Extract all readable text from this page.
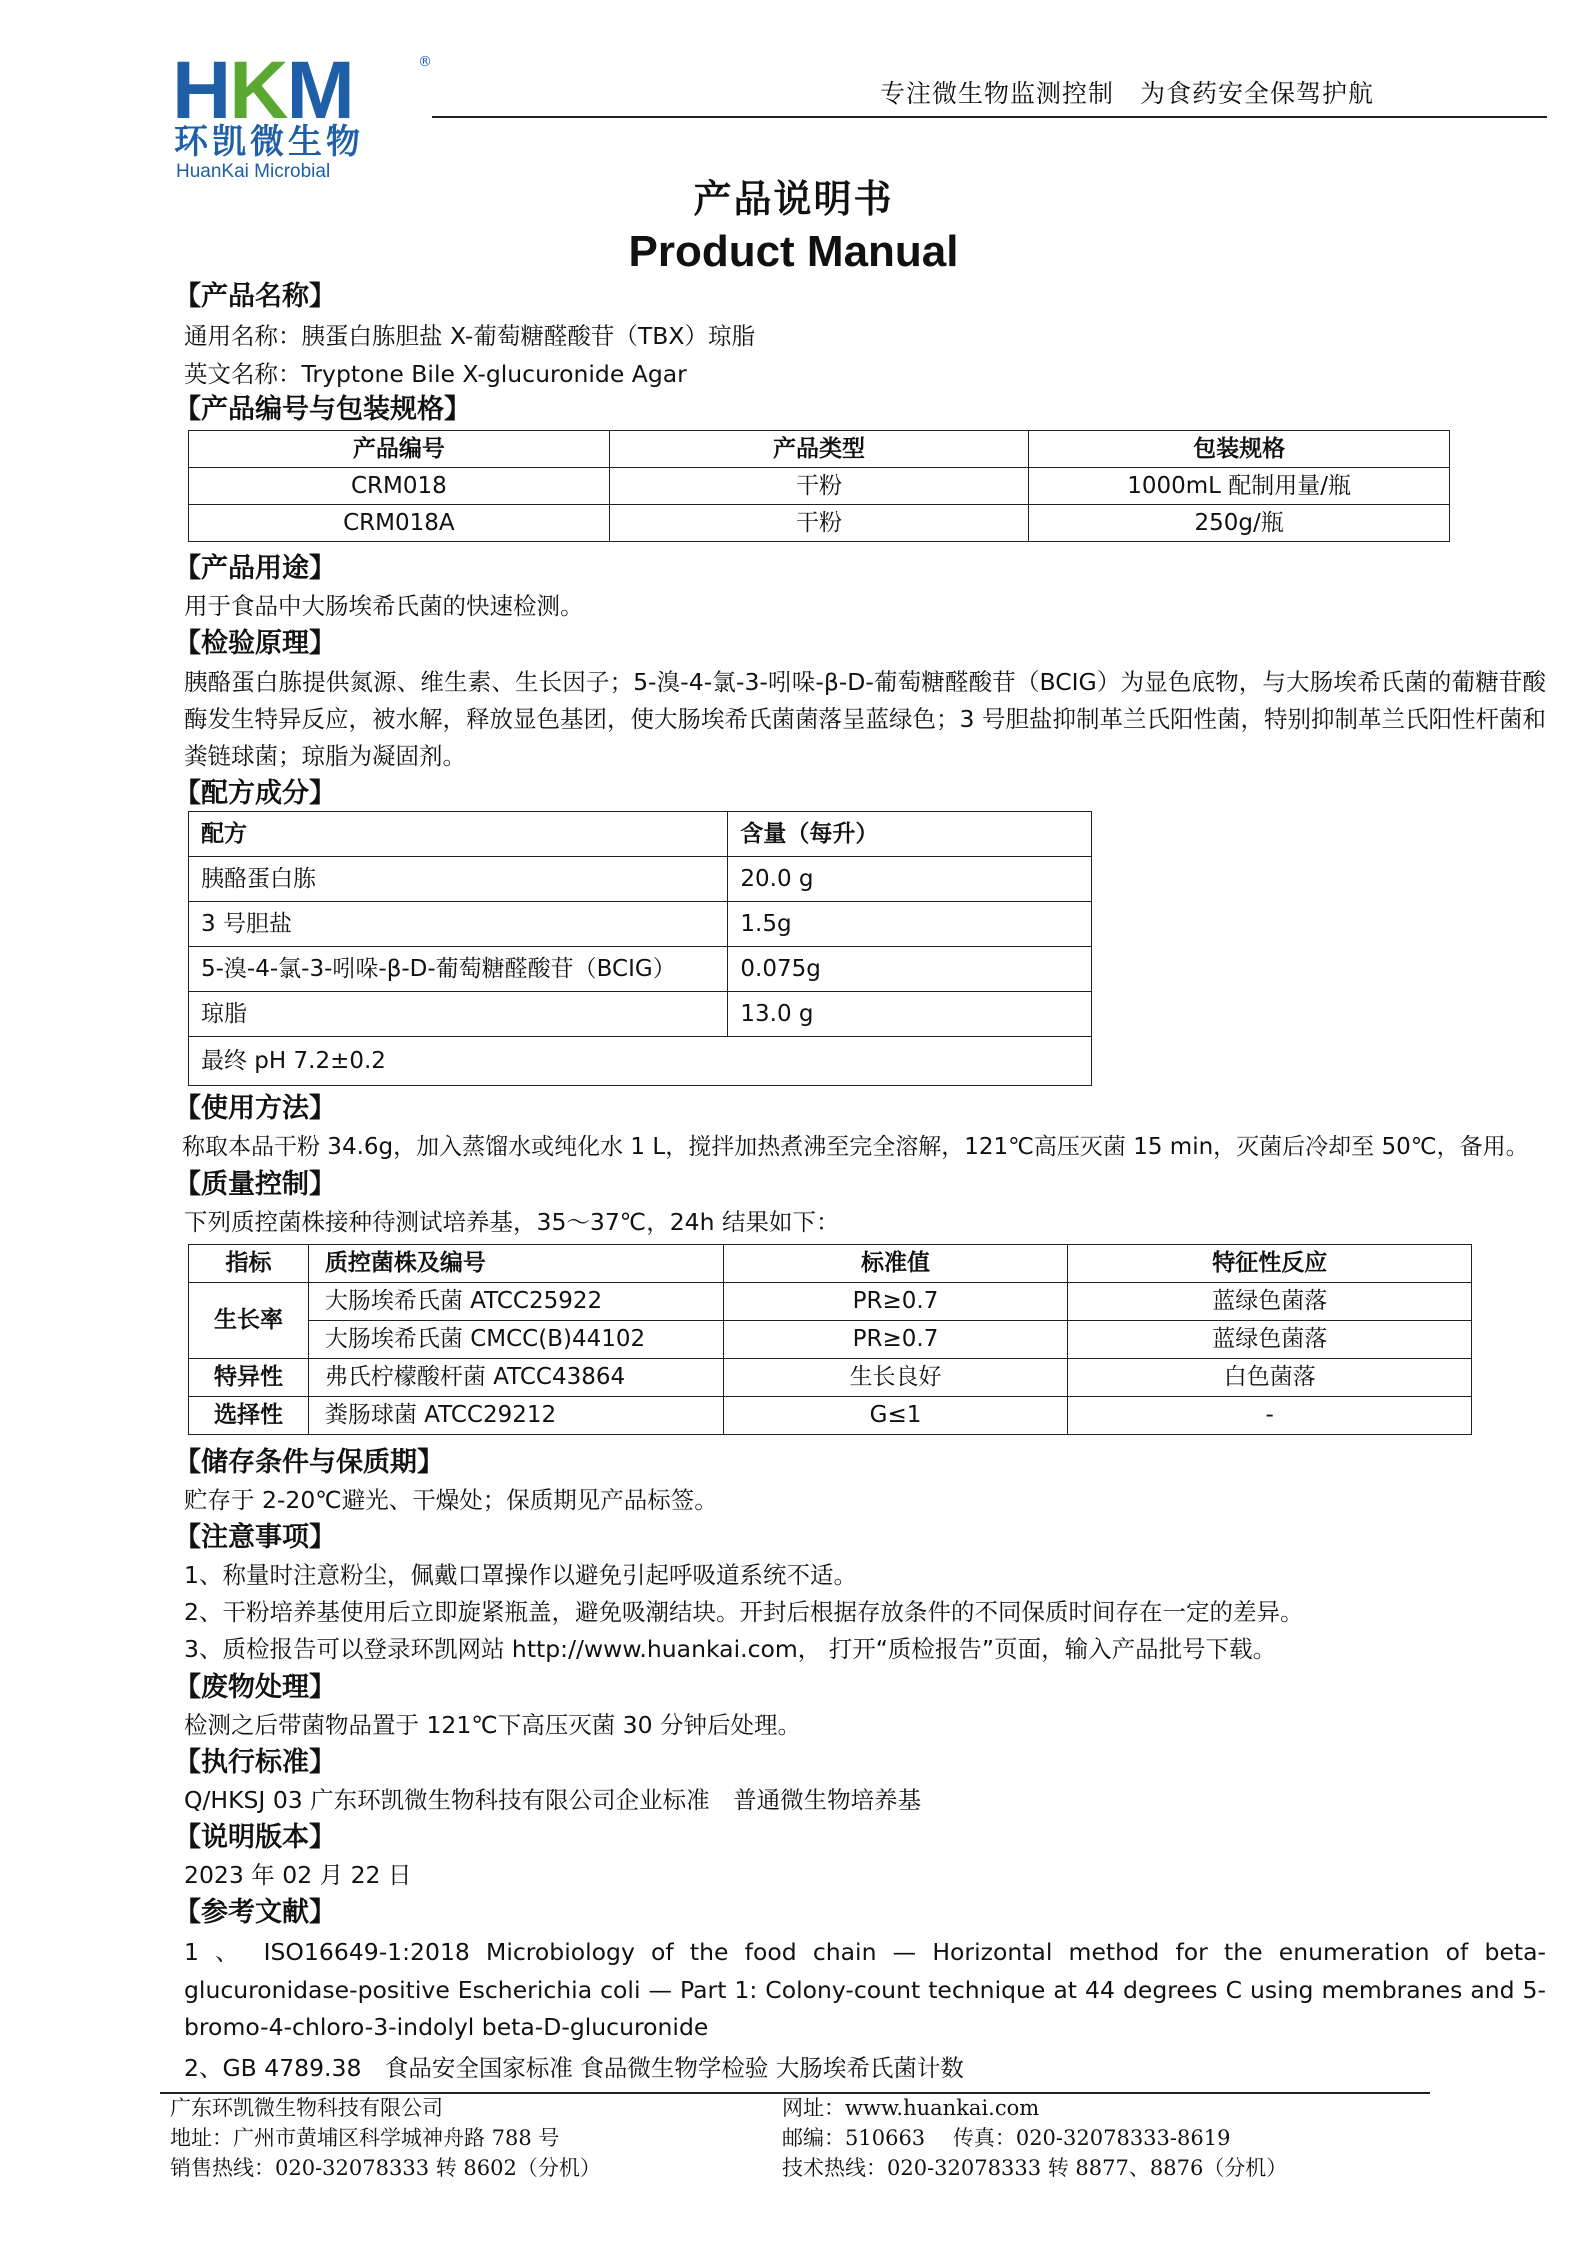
HKM	®
环凯微生物
HuanKai Microbial
专注微生物监测控制　为食药安全保驾护航
产品说明书
Product Manual
【产品名称】
通用名称：胰蛋白胨胆盐 X-葡萄糖醛酸苷（TBX）琼脂
英文名称：Tryptone Bile X-glucuronide Agar
【产品编号与包装规格】
产品编号	产品类型	包装规格
CRM018	干粉	1000mL 配制用量/瓶
CRM018A	干粉	250g/瓶
【产品用途】
用于食品中大肠埃希氏菌的快速检测。
【检验原理】
胰酪蛋白胨提供氮源、维生素、生长因子；5-溴-4-氯-3-吲哚-β-D-葡萄糖醛酸苷（BCIG）为显色底物，与大肠埃希氏菌的葡糖苷酸酶发生特异反应，被水解，释放显色基团，使大肠埃希氏菌菌落呈蓝绿色；3 号胆盐抑制革兰氏阳性菌，特别抑制革兰氏阳性杆菌和粪链球菌；琼脂为凝固剂。
【配方成分】
配方	含量（每升）
胰酪蛋白胨	20.0 g
3 号胆盐	1.5g
5-溴-4-氯-3-吲哚-β-D-葡萄糖醛酸苷（BCIG）	0.075g
琼脂	13.0 g
最终 pH 7.2±0.2	
【使用方法】
称取本品干粉 34.6g，加入蒸馏水或纯化水 1 L，搅拌加热煮沸至完全溶解，121℃高压灭菌 15 min，灭菌后冷却至 50℃，备用。
【质量控制】
下列质控菌株接种待测试培养基，35～37℃，24h 结果如下：
指标	质控菌株及编号	标准值	特征性反应
生长率	大肠埃希氏菌 ATCC25922	PR≥0.7	蓝绿色菌落
	大肠埃希氏菌 CMCC(B)44102	PR≥0.7	蓝绿色菌落
特异性	弗氏柠檬酸杆菌 ATCC43864	生长良好	白色菌落
选择性	粪肠球菌 ATCC29212	G≤1	-
【储存条件与保质期】
贮存于 2-20℃避光、干燥处；保质期见产品标签。
【注意事项】
1、称量时注意粉尘，佩戴口罩操作以避免引起呼吸道系统不适。
2、干粉培养基使用后立即旋紧瓶盖，避免吸潮结块。开封后根据存放条件的不同保质时间存在一定的差异。
3、质检报告可以登录环凯网站 http://www.huankai.com， 打开“质检报告”页面，输入产品批号下载。
【废物处理】
检测之后带菌物品置于 121℃下高压灭菌 30 分钟后处理。
【执行标准】
Q/HKSJ 03 广东环凯微生物科技有限公司企业标准　普通微生物培养基
【说明版本】
2023 年 02 月 22 日
【参考文献】
1 、 ISO16649-1:2018 Microbiology of the food chain — Horizontal method for the enumeration of beta-glucuronidase-positive Escherichia coli — Part 1: Colony-count technique at 44 degrees C using membranes and 5-bromo-4-chloro-3-indolyl beta-D-glucuronide
2、GB 4789.38　食品安全国家标准 食品微生物学检验 大肠埃希氏菌计数
广东环凯微生物科技有限公司
地址：广州市黄埔区科学城神舟路 788 号
销售热线：020-32078333 转 8602（分机）
网址：www.huankai.com
邮编：510663　 传真：020-32078333-8619
技术热线：020-32078333 转 8877、8876（分机）
